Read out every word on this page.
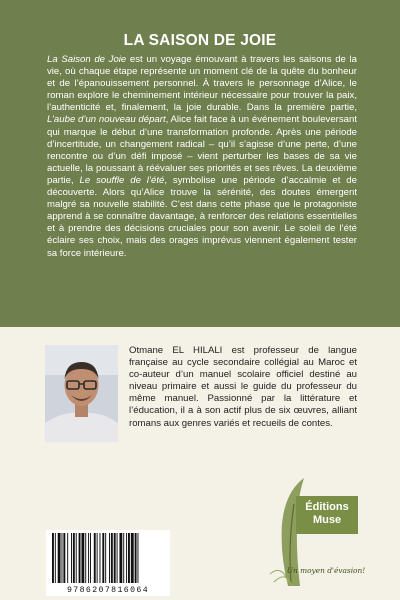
LA SAISON DE JOIE
La Saison de Joie est un voyage émouvant à travers les saisons de la vie, où chaque étape représente un moment clé de la quête du bonheur et de l’épanouissement personnel. À travers le personnage d’Alice, le roman explore le cheminement intérieur nécessaire pour trouver la paix, l’authenticité et, finalement, la joie durable. Dans la première partie, L’aube d’un nouveau départ, Alice fait face à un événement bouleversant qui marque le début d’une transformation profonde. Après une période d’incertitude, un changement radical – qu’il s’agisse d’une perte, d’une rencontre ou d’un défi imposé – vient perturber les bases de sa vie actuelle, la poussant à réévaluer ses priorités et ses rêves. La deuxième partie, Le souffle de l’été, symbolise une période d’accalmie et de découverte. Alors qu’Alice trouve la sérénité, des doutes émergent malgré sa nouvelle stabilité. C’est dans cette phase que le protagoniste apprend à se connaître davantage, à renforcer des relations essentielles et à prendre des décisions cruciales pour son avenir. Le soleil de l’été éclaire ses choix, mais des orages imprévus viennent également tester sa force intérieure.
Otmane EL HILALI est professeur de langue française au cycle secondaire collégial au Maroc et co-auteur d’un manuel scolaire officiel destiné au niveau primaire et aussi le guide du professeur du même manuel. Passionné par la littérature et l’éducation, il a à son actif plus de six œuvres, alliant romans aux genres variés et recueils de contes.
9786207816064
Éditions
Muse
Un moyen d'évasion!
